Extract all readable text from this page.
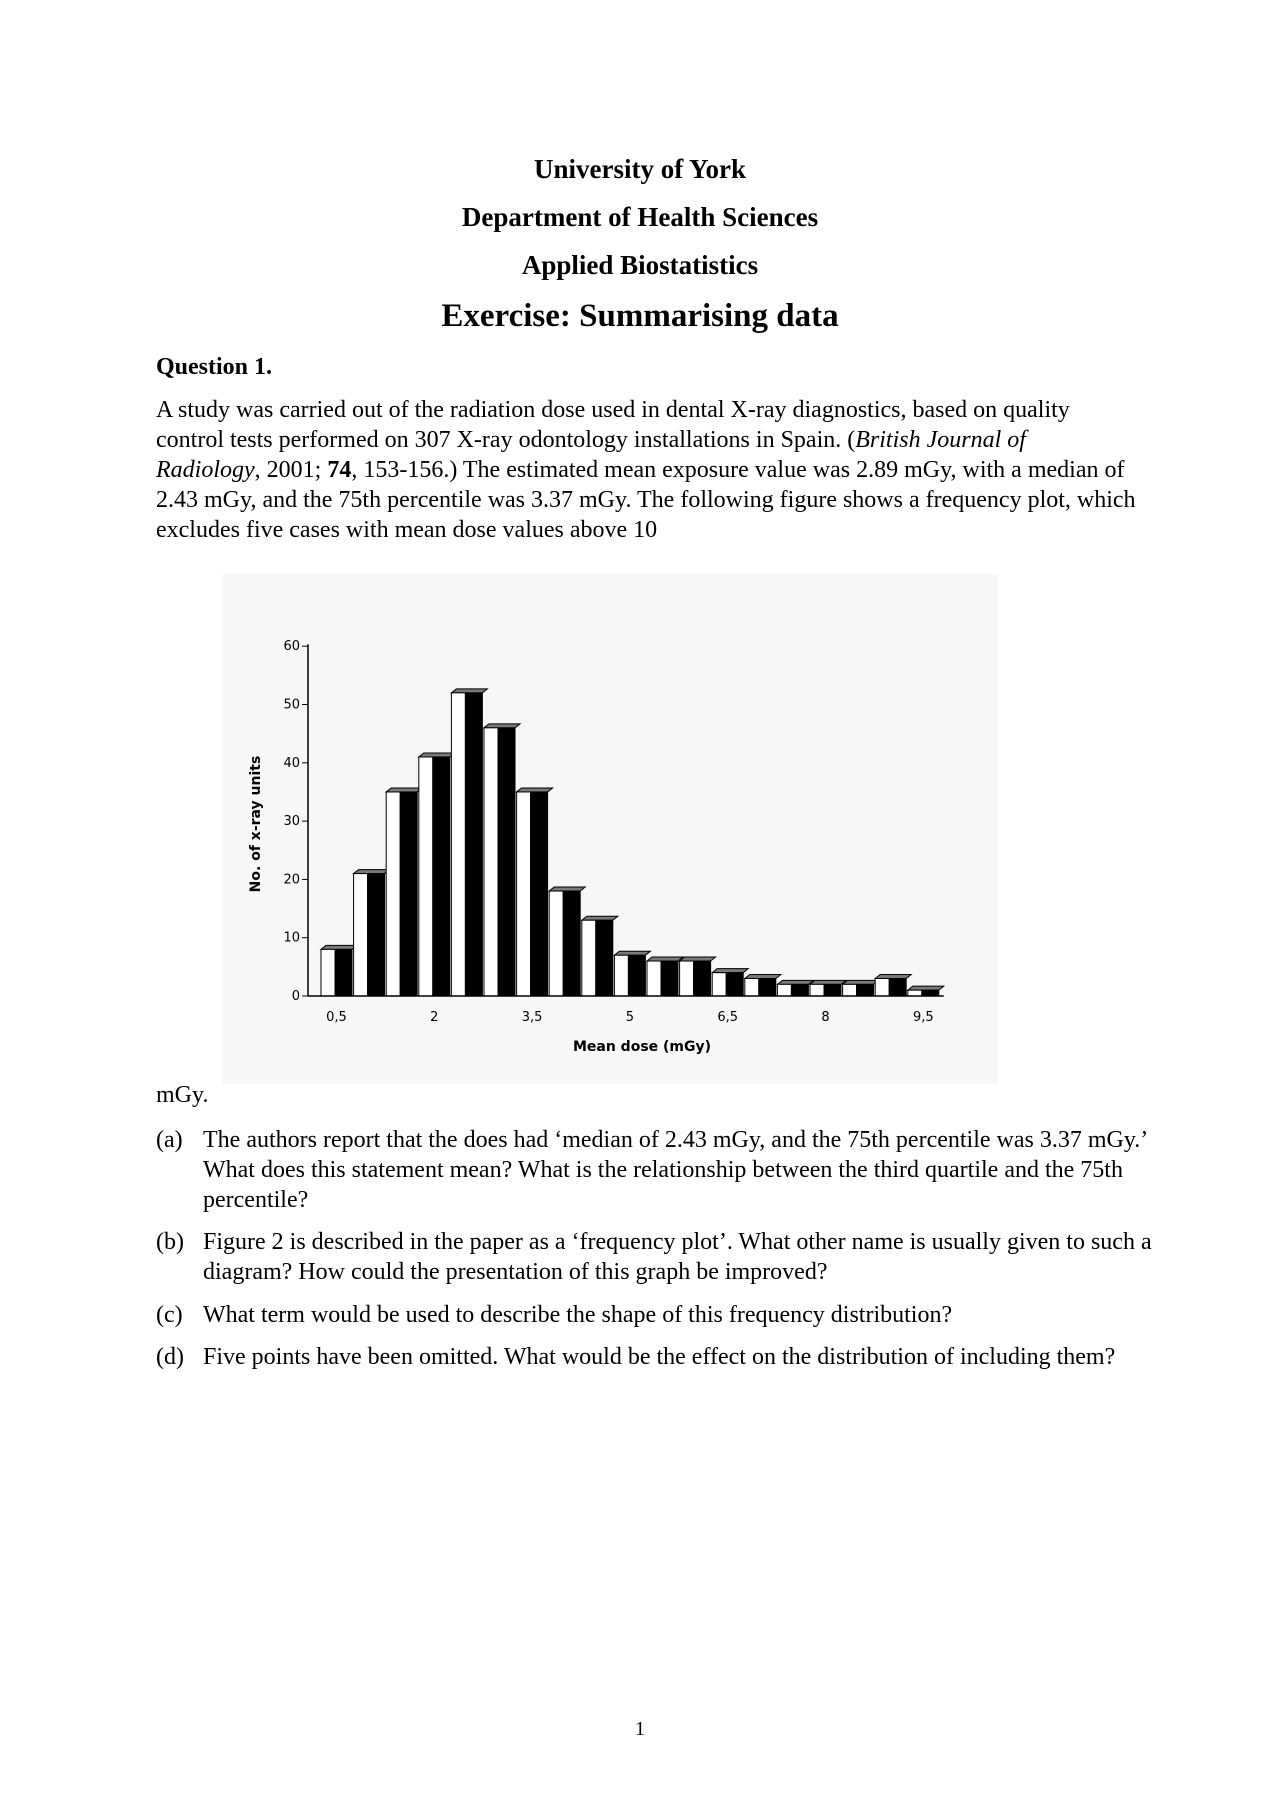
University of York
Department of Health Sciences
Applied Biostatistics
Exercise: Summarising data
Question 1.

A study was carried out of the radiation dose used in dental X-ray diagnostics, based on quality control tests performed on 307 X-ray odontology installations in Spain. (British Journal of Radiology, 2001; 74, 153-156.) The estimated mean exposure value was 2.89 mGy, with a median of 2.43 mGy, and the 75th percentile was 3.37 mGy. The following figure shows a frequency plot, which excludes five cases with mean dose values above 10

0
10
20
30
40
50
60
0,5	2	3,5	5	6,5	8	9,5
Mean dose (mGy)
No. of x-ray units
mGy.
(a) The authors report that the does had ‘median of 2.43 mGy, and the 75th percentile was 3.37 mGy.’ What does this statement mean? What is the relationship between the third quartile and the 75th percentile?
(b) Figure 2 is described in the paper as a ‘frequency plot’. What other name is usually given to such a diagram? How could the presentation of this graph be improved?
(c) What term would be used to describe the shape of this frequency distribution?
(d) Five points have been omitted. What would be the effect on the distribution of including them?
1
